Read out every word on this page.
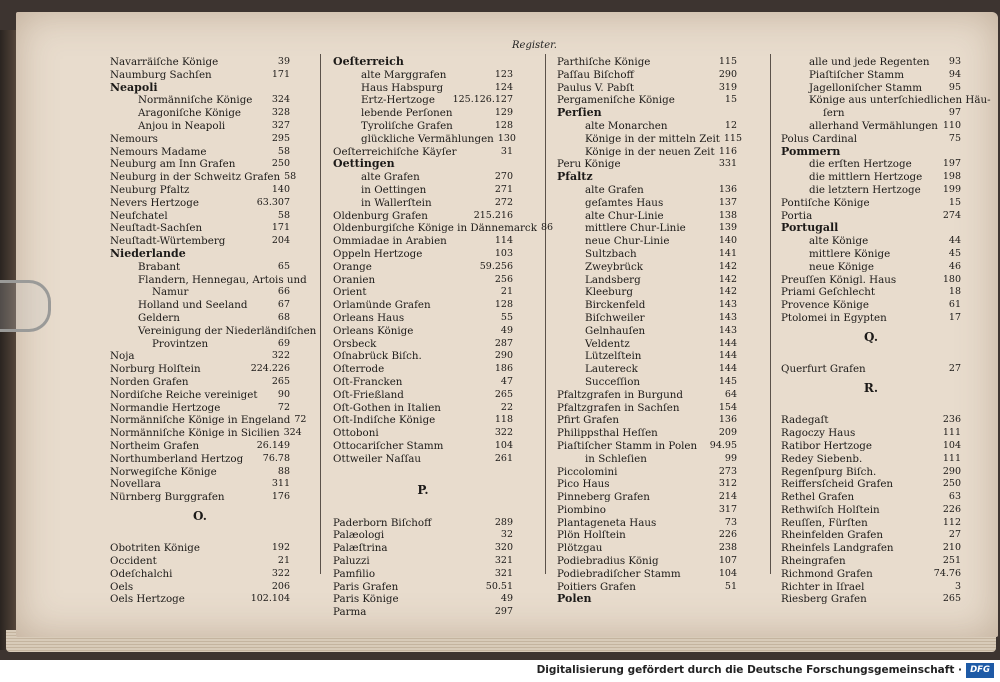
Register.
Navarräiſche Könige	39
Naumburg Sachſen	171
Neapoli
Normänniſche Könige	324
Aragoniſche Könige	328
Anjou in Neapoli	327
Nemours	295
Nemours Madame	58
Neuburg am Inn Grafen	250
Neuburg in der Schweitz Grafen 58
Neuburg Pfaltz	140
Nevers Hertzoge	63.307
Neufchatel	58
Neuſtadt-Sachſen	171
Neuſtadt-Würtemberg	204
Niederlande
Brabant	65
Flandern, Hennegau, Artois und
Namur	66
Holland und Seeland	67
Geldern	68
Vereinigung der Niederländiſchen
Provintzen	69
Noja	322
Norburg Holſtein	224.226
Norden Grafen	265
Nordiſche Reiche vereiniget	90
Normandie Hertzoge	72
Normänniſche Könige in Engeland 72
Normänniſche Könige in Sicilien 324
Northeim Grafen	26.149
Northumberland Hertzog	76.78
Norwegiſche Könige	88
Novellara	311
Nürnberg Burggrafen	176
O.
Obotriten Könige	192
Occident	21
Odeſchalchi	322
Oels	206
Oels Hertzoge	102.104
Oeſterreich
alte Marggrafen	123
Haus Habspurg	124
Ertz-Hertzoge	125.126.127
lebende Perſonen	129
Tyroliſche Grafen	128
glückliche Vermählungen 130
Oeſterreichiſche Käyſer	31
Oettingen
alte Grafen	270
in Oettingen	271
in Wallerſtein	272
Oldenburg Grafen	215.216
Oldenburgiſche Könige in Dännemarck 86
Ommiadae in Arabien	114
Oppeln Hertzoge	103
Orange	59.256
Oranien	256
Orient	21
Orlamünde Grafen	128
Orleans Haus	55
Orleans Könige	49
Orsbeck	287
Oſnabrück Biſch.	290
Oſterrode	186
Oſt-Francken	47
Oſt-Frießland	265
Oſt-Gothen in Italien	22
Oſt-Indiſche Könige	118
Ottoboni	322
Ottocariſcher Stamm	104
Ottweiler Naſſau	261
P.
Paderborn Biſchoff	289
Palæologi	32
Palæſtrina	320
Paluzzi	321
Pamfilio	321
Paris Grafen	50.51
Paris Könige	49
Parma	297
Parthiſche Könige	115
Paſſau Biſchoff	290
Paulus V. Pabſt	319
Pergameniſche Könige	15
Perſien
alte Monarchen	12
Könige in der mitteln Zeit 115
Könige in der neuen Zeit 116
Peru Könige	331
Pfaltz
alte Grafen	136
geſamtes Haus	137
alte Chur-Linie	138
mittlere Chur-Linie	139
neue Chur-Linie	140
Sultzbach	141
Zweybrück	142
Landsberg	142
Kleeburg	142
Birckenfeld	143
Biſchweiler	143
Gelnhauſen	143
Veldentz	144
Lützelſtein	144
Lautereck	144
Succeſſion	145
Pfaltzgrafen in Burgund	64
Pfaltzgrafen in Sachſen	154
Pfirt Grafen	136
Philippsthal Heſſen	209
Piaſtiſcher Stamm in Polen	94.95
in Schleſien	99
Piccolomini	273
Pico Haus	312
Pinneberg Grafen	214
Piombino	317
Plantagenetа Haus	73
Plön Holſtein	226
Plötzgau	238
Podiebradius König	107
Podiebradiſcher Stamm	104
Poitiers Grafen	51
Polen
alle und jede Regenten	93
Piaſtiſcher Stamm	94
Jagelloniſcher Stamm	95
Könige aus unterſchiedlichen Häu-
ſern	97
allerhand Vermählungen 110
Polus Cardinal	75
Pommern
die erſten Hertzoge	197
die mittlern Hertzoge	198
die letztern Hertzoge	199
Pontiſche Könige	15
Portia	274
Portugall
alte Könige	44
mittlere Könige	45
neue Könige	46
Preuſſen Königl. Haus	180
Priami Geſchlecht	18
Provence Könige	61
Ptolomei in Egypten	17
Q.
Querfurt Grafen	27
R.
Radegaſt	236
Ragoczy Haus	111
Ratibor Hertzoge	104
Redey Siebenb.	111
Regenſpurg Biſch.	290
Reiffersſcheid Grafen	250
Rethel Grafen	63
Rethwiſch Holſtein	226
Reuſſen, Fürſten	112
Rheinfelden Grafen	27
Rheinfels Landgrafen	210
Rheingrafen	251
Richmond Grafen	74.76
Richter in Iſrael	3
Riesberg Grafen	265
Digitalisierung gefördert durch die Deutsche Forschungsgemeinschaft · DFG
